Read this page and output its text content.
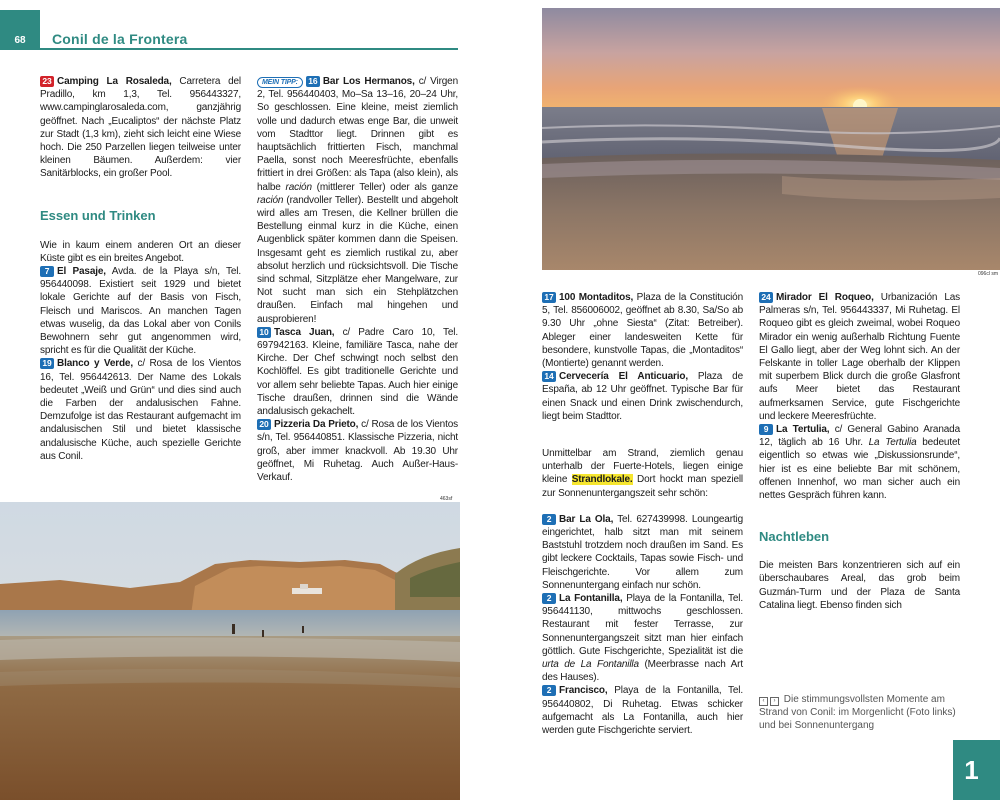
68	Conil de la Frontera

23 Camping La Rosaleda, Carretera del Pradillo, km 1,3, Tel. 956443327, www.campinglarosaleda.com, ganzjährig geöffnet. Nach „Eucaliptos“ der nächste Platz zur Stadt (1,3 km), zieht sich leicht eine Wiese hoch. Die 250 Parzellen liegen teilweise unter kleinen Bäumen. Außerdem: vier Sanitärblocks, ein großer Pool.

Essen und Trinken

Wie in kaum einem anderen Ort an dieser Küste gibt es ein breites Angebot.

7 El Pasaje, Avda. de la Playa s/n, Tel. 956440098. Existiert seit 1929 und bietet lokale Gerichte auf der Basis von Fisch, Fleisch und Mariscos. An manchen Tagen etwas wuselig, da das Lokal aber von Conils Bewohnern sehr gut angenommen wird, spricht es für die Qualität der Küche.

19 Blanco y Verde, c/ Rosa de los Vientos 16, Tel. 956442613. Der Name des Lokals bedeutet „Weiß und Grün“ und dies sind auch die Farben der andalusischen Fahne. Demzufolge ist das Restaurant aufgemacht im andalusischen Stil und bietet klassische andalusische Küche, auch spezielle Gerichte aus Conil.

MEIN TIPP: 16 Bar Los Hermanos, c/ Virgen 2, Tel. 956440403, Mo–Sa 13–16, 20–24 Uhr, So geschlossen. Eine kleine, meist ziemlich volle und dadurch etwas enge Bar, die unweit vom Stadttor liegt. Drinnen gibt es hauptsächlich frittierten Fisch, manchmal Paella, sonst noch Meeresfrüchte, ebenfalls frittiert in drei Größen: als Tapa (also klein), als halbe ración (mittlerer Teller) oder als ganze ración (randvoller Teller). Bestellt und abgeholt wird alles am Tresen, die Kellner brüllen die Bestellung einmal kurz in die Küche, einen Augenblick später kommen dann die Speisen. Insgesamt geht es ziemlich rustikal zu, aber absolut herzlich und rücksichtsvoll. Die Tische sind schmal, Sitzplätze eher Mangelware, zur Not sucht man sich ein Stehplätzchen draußen. Einfach mal hingehen und ausprobieren!

10 Tasca Juan, c/ Padre Caro 10, Tel. 697942163. Kleine, familiäre Tasca, nahe der Kirche. Der Chef schwingt noch selbst den Kochlöffel. Es gibt traditionelle Gerichte und vor allem sehr beliebte Tapas. Auch hier einige Tische draußen, drinnen sind die Wände andalusisch gekachelt.

20 Pizzeria Da Prieto, c/ Rosa de los Vientos s/n, Tel. 956440851. Klassische Pizzeria, nicht groß, aber immer knackvoll. Ab 19.30 Uhr geöffnet, Mi Ruhetag. Auch Außer-Haus-Verkauf.

463sf
096cl sm

17 100 Montaditos, Plaza de la Constitución 5, Tel. 856006002, geöffnet ab 8.30, Sa/So ab 9.30 Uhr „ohne Siesta“ (Zitat: Betreiber). Ableger einer landesweiten Kette für besondere, kunstvolle Tapas, die „Montaditos“ (Montierte) genannt werden.

14 Cervecería El Anticuario, Plaza de España, ab 12 Uhr geöffnet. Typische Bar für einen Snack und einen Drink zwischendurch, liegt beim Stadttor.

Unmittelbar am Strand, ziemlich genau unterhalb der Fuerte-Hotels, liegen einige kleine Strandlokale. Dort hockt man speziell zur Sonnenuntergangszeit sehr schön:

2 Bar La Ola, Tel. 627439998. Loungeartig eingerichtet, halb sitzt man mit seinem Baststuhl trotzdem noch draußen im Sand. Es gibt leckere Cocktails, Tapas sowie Fisch- und Fleischgerichte. Vor allem zum Sonnenuntergang einfach nur schön.

2 La Fontanilla, Playa de la Fontanilla, Tel. 956441130, mittwochs geschlossen. Restaurant mit fester Terrasse, zur Sonnenuntergangszeit sitzt man hier einfach göttlich. Gute Fischgerichte, Spezialität ist die urta de La Fontanilla (Meerbrasse nach Art des Hauses).

2 Francisco, Playa de la Fontanilla, Tel. 956440802, Di Ruhetag. Etwas schicker aufgemacht als La Fontanilla, auch hier werden gute Fischgerichte serviert.

24 Mirador El Roqueo, Urbanización Las Palmeras s/n, Tel. 956443337, Mi Ruhetag. El Roqueo gibt es gleich zweimal, wobei Roqueo Mirador ein wenig außerhalb Richtung Fuente El Gallo liegt, aber der Weg lohnt sich. An der Felskante in toller Lage oberhalb der Klippen mit superbem Blick durch die große Glasfront aufs Meer bietet das Restaurant aufmerksamen Service, gute Fischgerichte und leckere Meeresfrüchte.

9 La Tertulia, c/ General Gabino Aranada 12, täglich ab 16 Uhr. La Tertulia bedeutet eigentlich so etwas wie „Diskussionsrunde“, hier ist es eine beliebte Bar mit schönem, offenen Innenhof, wo man sicher auch ein nettes Gespräch führen kann.

Nachtleben

Die meisten Bars konzentrieren sich auf ein überschaubares Areal, das grob beim Guzmán-Turm und der Plaza de Santa Catalina liegt. Ebenso finden sich

‹ › Die stimmungsvollsten Momente am Strand von Conil: im Morgenlicht (Foto links) und bei Sonnenuntergang
1
